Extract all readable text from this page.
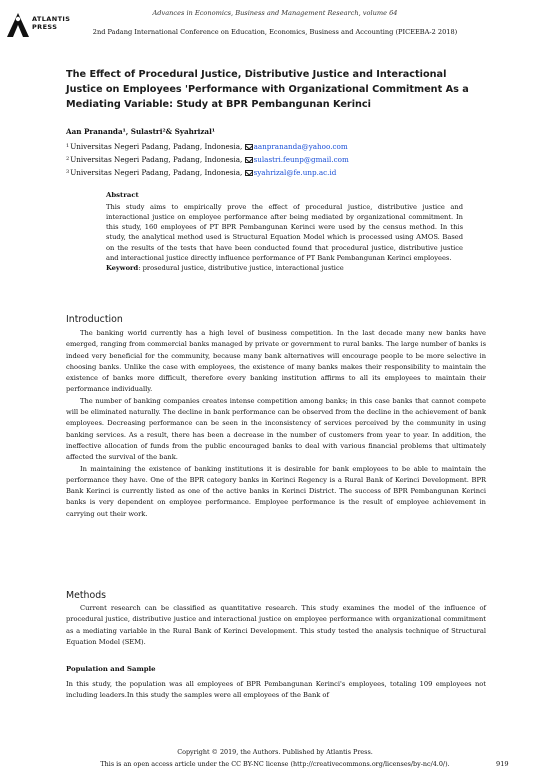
ATLANTIS
PRESS
Advances in Economics, Business and Management Research, volume 64
2nd Padang International Conference on Education, Economics, Business and Accounting (PICEEBA-2 2018)
The Effect of Procedural Justice, Distributive Justice and Interactional Justice on Employees 'Performance with Organizational Commitment As a Mediating Variable: Study at BPR Pembangunan Kerinci
Aan Prananda¹, Sulastri²& Syahrizal¹
$^1$Universitas Negeri Padang, Padang, Indonesia, aanprananda@yahoo.com
$^2$Universitas Negeri Padang, Padang, Indonesia, sulastri.feunp@gmail.com
$^3$Universitas Negeri Padang, Padang, Indonesia, syahrizal@fe.unp.ac.id
Abstract

This study aims to empirically prove the effect of procedural justice, distributive justice and interactional justice on employee performance after being mediated by organizational commitment. In this study, 160 employees of PT BPR Pembangunan Kerinci were used by the census method. In this study, the analytical method used is Structural Equation Model which is processed using AMOS. Based on the results of the tests that have been conducted found that procedural justice, distributive justice and interactional justice directly influence performance of PT Bank Pembangunan Kerinci employees.

Keyword: prosedural justice, distributive justice, interactional justice

Introduction

The banking world currently has a high level of business competition. In the last decade many new banks have emerged, ranging from commercial banks managed by private or government to rural banks. The large number of banks is indeed very beneficial for the community, because many bank alternatives will encourage people to be more selective in choosing banks. Unlike the case with employees, the existence of many banks makes their responsibility to maintain the existence of banks more difficult, therefore every banking institution affirms to all its employees to maintain their performance individually.

The number of banking companies creates intense competition among banks; in this case banks that cannot compete will be eliminated naturally. The decline in bank performance can be observed from the decline in the achievement of bank employees. Decreasing performance can be seen in the inconsistency of services perceived by the community in using banking services. As a result, there has been a decrease in the number of customers from year to year. In addition, the ineffective allocation of funds from the public encouraged banks to deal with various financial problems that ultimately affected the survival of the bank.

In maintaining the existence of banking institutions it is desirable for bank employees to be able to maintain the performance they have. One of the BPR category banks in Kerinci Regency is a Rural Bank of Kerinci Development. BPR Bank Kerinci is currently listed as one of the active banks in Kerinci District. The success of BPR Pembangunan Kerinci banks is very dependent on employee performance. Employee performance is the result of employee achievement in carrying out their work.

Methods

Current research can be classified as quantitative research. This study examines the model of the influence of procedural justice, distributive justice and interactional justice on employee performance with organizational commitment as a mediating variable in the Rural Bank of Kerinci Development. This study tested the analysis technique of Structural Equation Model (SEM).

Population and Sample

In this study, the population was all employees of BPR Pembangunan Kerinci's employees, totaling 109 employees not including leaders.In this study the samples were all employees of the Bank of

Copyright © 2019, the Authors. Published by Atlantis Press.
This is an open access article under the CC BY-NC license (http://creativecommons.org/licenses/by-nc/4.0/).	919
